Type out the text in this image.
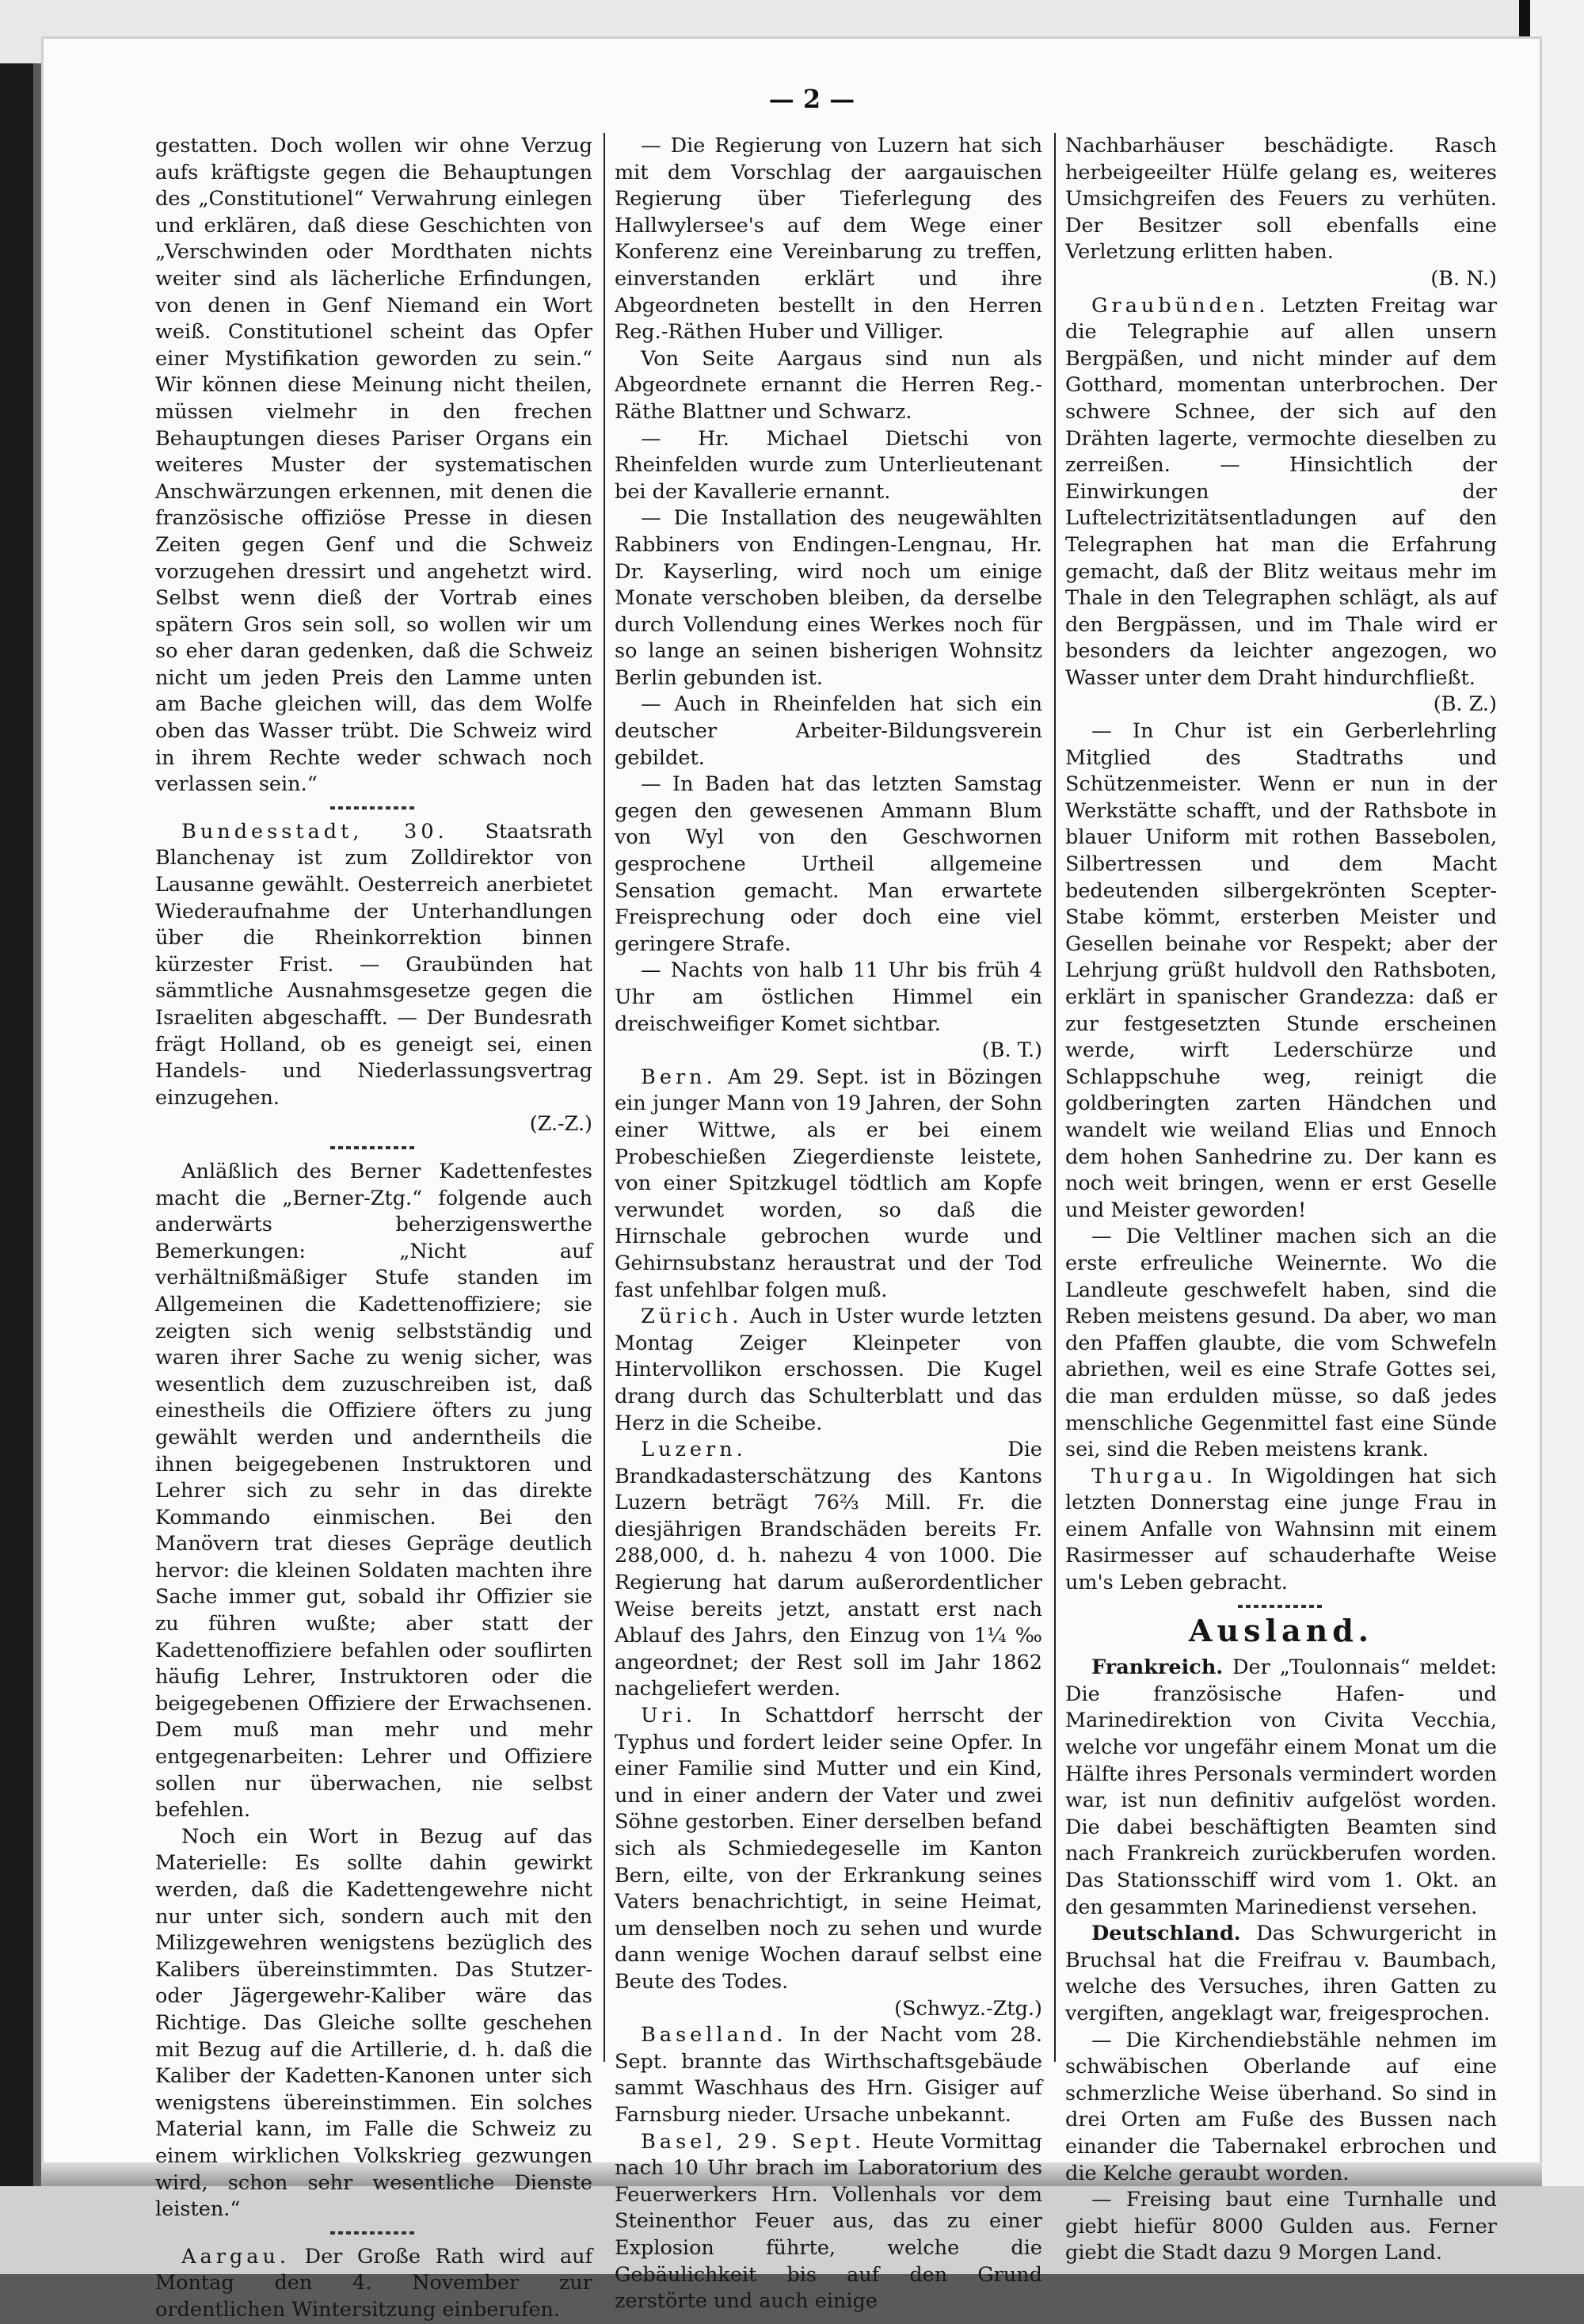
— 2 —

gestatten. Doch wollen wir ohne Verzug aufs kräftigste gegen die Behauptungen des „Constitutionel“ Verwahrung einlegen und erklären, daß diese Geschichten von „Verschwinden oder Mordthaten nichts weiter sind als lächerliche Erfindungen, von denen in Genf Niemand ein Wort weiß. Constitutionel scheint das Opfer einer Mystifikation geworden zu sein.“ Wir können diese Meinung nicht theilen, müssen vielmehr in den frechen Behauptungen dieses Pariser Organs ein weiteres Muster der systematischen Anschwärzungen erkennen, mit denen die französische offiziöse Presse in diesen Zeiten gegen Genf und die Schweiz vorzugehen dressirt und angehetzt wird. Selbst wenn dieß der Vortrab eines spätern Gros sein soll, so wollen wir um so eher daran gedenken, daß die Schweiz nicht um jeden Preis den Lamme unten am Bache gleichen will, das dem Wolfe oben das Wasser trübt. Die Schweiz wird in ihrem Rechte weder schwach noch verlassen sein.“

Bundesstadt, 30. Staatsrath Blanchenay ist zum Zolldirektor von Lausanne gewählt. Oesterreich anerbietet Wiederaufnahme der Unterhandlungen über die Rheinkorrektion binnen kürzester Frist. — Graubünden hat sämmtliche Ausnahmsgesetze gegen die Israeliten abgeschafft. — Der Bundesrath frägt Holland, ob es geneigt sei, einen Handels- und Niederlassungsvertrag einzugehen.
(Z.-Z.)

Anläßlich des Berner Kadettenfestes macht die „Berner-Ztg.“ folgende auch anderwärts beherzigenswerthe Bemerkungen: „Nicht auf verhältnißmäßiger Stufe standen im Allgemeinen die Kadettenoffiziere; sie zeigten sich wenig selbstständig und waren ihrer Sache zu wenig sicher, was wesentlich dem zuzuschreiben ist, daß einestheils die Offiziere öfters zu jung gewählt werden und anderntheils die ihnen beigegebenen Instruktoren und Lehrer sich zu sehr in das direkte Kommando einmischen. Bei den Manövern trat dieses Gepräge deutlich hervor: die kleinen Soldaten machten ihre Sache immer gut, sobald ihr Offizier sie zu führen wußte; aber statt der Kadettenoffiziere befahlen oder souflirten häufig Lehrer, Instruktoren oder die beigegebenen Offiziere der Erwachsenen. Dem muß man mehr und mehr entgegenarbeiten: Lehrer und Offiziere sollen nur überwachen, nie selbst befehlen.

Noch ein Wort in Bezug auf das Materielle: Es sollte dahin gewirkt werden, daß die Kadettengewehre nicht nur unter sich, sondern auch mit den Milizgewehren wenigstens bezüglich des Kalibers übereinstimmten. Das Stutzer- oder Jägergewehr-Kaliber wäre das Richtige. Das Gleiche sollte geschehen mit Bezug auf die Artillerie, d. h. daß die Kaliber der Kadetten-Kanonen unter sich wenigstens übereinstimmen. Ein solches Material kann, im Falle die Schweiz zu einem wirklichen Volkskrieg gezwungen wird, schon sehr wesentliche Dienste leisten.“

Aargau. Der Große Rath wird auf Montag den 4. November zur ordentlichen Wintersitzung einberufen.

— Die Regierung von Luzern hat sich mit dem Vorschlag der aargauischen Regierung über Tieferlegung des Hallwylersee's auf dem Wege einer Konferenz eine Vereinbarung zu treffen, einverstanden erklärt und ihre Abgeordneten bestellt in den Herren Reg.-Räthen Huber und Villiger.

Von Seite Aargaus sind nun als Abgeordnete ernannt die Herren Reg.-Räthe Blattner und Schwarz.

— Hr. Michael Dietschi von Rheinfelden wurde zum Unterlieutenant bei der Kavallerie ernannt.

— Die Installation des neugewählten Rabbiners von Endingen-Lengnau, Hr. Dr. Kayserling, wird noch um einige Monate verschoben bleiben, da derselbe durch Vollendung eines Werkes noch für so lange an seinen bisherigen Wohnsitz Berlin gebunden ist.

— Auch in Rheinfelden hat sich ein deutscher Arbeiter-Bildungsverein gebildet.

— In Baden hat das letzten Samstag gegen den gewesenen Ammann Blum von Wyl von den Geschwornen gesprochene Urtheil allgemeine Sensation gemacht. Man erwartete Freisprechung oder doch eine viel geringere Strafe.

— Nachts von halb 11 Uhr bis früh 4 Uhr am östlichen Himmel ein dreischweifiger Komet sichtbar.
(B. T.)

Bern. Am 29. Sept. ist in Bözingen ein junger Mann von 19 Jahren, der Sohn einer Wittwe, als er bei einem Probeschießen Ziegerdienste leistete, von einer Spitzkugel tödtlich am Kopfe verwundet worden, so daß die Hirnschale gebrochen wurde und Gehirnsubstanz heraustrat und der Tod fast unfehlbar folgen muß.

Zürich. Auch in Uster wurde letzten Montag Zeiger Kleinpeter von Hintervollikon erschossen. Die Kugel drang durch das Schulterblatt und das Herz in die Scheibe.

Luzern.	Die Brandkadasterschätzung des Kantons Luzern beträgt 76⅔ Mill. Fr. die diesjährigen Brandschäden bereits Fr. 288,000, d. h. nahezu 4 von 1000. Die Regierung hat darum außerordentlicher Weise bereits jetzt, anstatt erst nach Ablauf des Jahrs, den Einzug von 1¼ ‰ angeordnet; der Rest soll im Jahr 1862 nachgeliefert werden.

Uri. In Schattdorf herrscht der Typhus und fordert leider seine Opfer. In einer Familie sind Mutter und ein Kind, und in einer andern der Vater und zwei Söhne gestorben. Einer derselben befand sich als Schmiedegeselle im Kanton Bern, eilte, von der Erkrankung seines Vaters benachrichtigt, in seine Heimat, um denselben noch zu sehen und wurde dann wenige Wochen darauf selbst eine Beute des Todes.
(Schwyz.-Ztg.)

Baselland. In der Nacht vom 28. Sept. brannte das Wirthschaftsgebäude sammt Waschhaus des Hrn. Gisiger auf Farnsburg nieder. Ursache unbekannt.

Basel, 29. Sept. Heute Vormittag nach 10 Uhr brach im Laboratorium des Feuerwerkers Hrn. Vollenhals vor dem Steinenthor Feuer aus, das zu einer Explosion führte, welche die Gebäulichkeit bis auf den Grund zerstörte und auch einige

Nachbarhäuser beschädigte. Rasch herbeigeeilter Hülfe gelang es, weiteres Umsichgreifen des Feuers zu verhüten. Der Besitzer soll ebenfalls eine Verletzung erlitten haben.
(B. N.)

Graubünden. Letzten Freitag war die Telegraphie auf allen unsern Bergpäßen, und nicht minder auf dem Gotthard, momentan unterbrochen. Der schwere Schnee, der sich auf den Drähten lagerte, vermochte dieselben zu zerreißen. — Hinsichtlich der Einwirkungen der Luftelectrizitätsentladungen auf den Telegraphen hat man die Erfahrung gemacht, daß der Blitz weitaus mehr im Thale in den Telegraphen schlägt, als auf den Bergpässen, und im Thale wird er besonders da leichter angezogen, wo Wasser unter dem Draht hindurchfließt.
(B. Z.)

— In Chur ist ein Gerberlehrling Mitglied des Stadtraths und Schützenmeister. Wenn er nun in der Werkstätte schafft, und der Rathsbote in blauer Uniform mit rothen Bassebolen, Silbertressen und dem Macht bedeutenden silbergekrönten Scepter-Stabe kömmt, ersterben Meister und Gesellen beinahe vor Respekt; aber der Lehrjung grüßt huldvoll den Rathsboten, erklärt in spanischer Grandezza: daß er zur festgesetzten Stunde erscheinen werde, wirft Lederschürze und Schlappschuhe weg, reinigt die goldberingten zarten Händchen und wandelt wie weiland Elias und Ennoch dem hohen Sanhedrine zu. Der kann es noch weit bringen, wenn er erst Geselle und Meister geworden!

— Die Veltliner machen sich an die erste erfreuliche Weinernte. Wo die Landleute geschwefelt haben, sind die Reben meistens gesund. Da aber, wo man den Pfaffen glaubte, die vom Schwefeln abriethen, weil es eine Strafe Gottes sei, die man erdulden müsse, so daß jedes menschliche Gegenmittel fast eine Sünde sei, sind die Reben meistens krank.

Thurgau. In Wigoldingen hat sich letzten Donnerstag eine junge Frau in einem Anfalle von Wahnsinn mit einem Rasirmesser auf schauderhafte Weise um's Leben gebracht.

Ausland.

Frankreich. Der „Toulonnais“ meldet: Die französische Hafen- und Marinedirektion von Civita Vecchia, welche vor ungefähr einem Monat um die Hälfte ihres Personals vermindert worden war, ist nun definitiv aufgelöst worden. Die dabei beschäftigten Beamten sind nach Frankreich zurückberufen worden. Das Stationsschiff wird vom 1. Okt. an den gesammten Marinedienst versehen.

Deutschland. Das Schwurgericht in Bruchsal hat die Freifrau v. Baumbach, welche des Versuches, ihren Gatten zu vergiften, angeklagt war, freigesprochen.

— Die Kirchendiebstähle nehmen im schwäbischen Oberlande auf eine schmerzliche Weise überhand. So sind in drei Orten am Fuße des Bussen nach einander die Tabernakel erbrochen und die Kelche geraubt worden.

— Freising baut eine Turnhalle und giebt hiefür 8000 Gulden aus. Ferner giebt die Stadt dazu 9 Morgen Land.
